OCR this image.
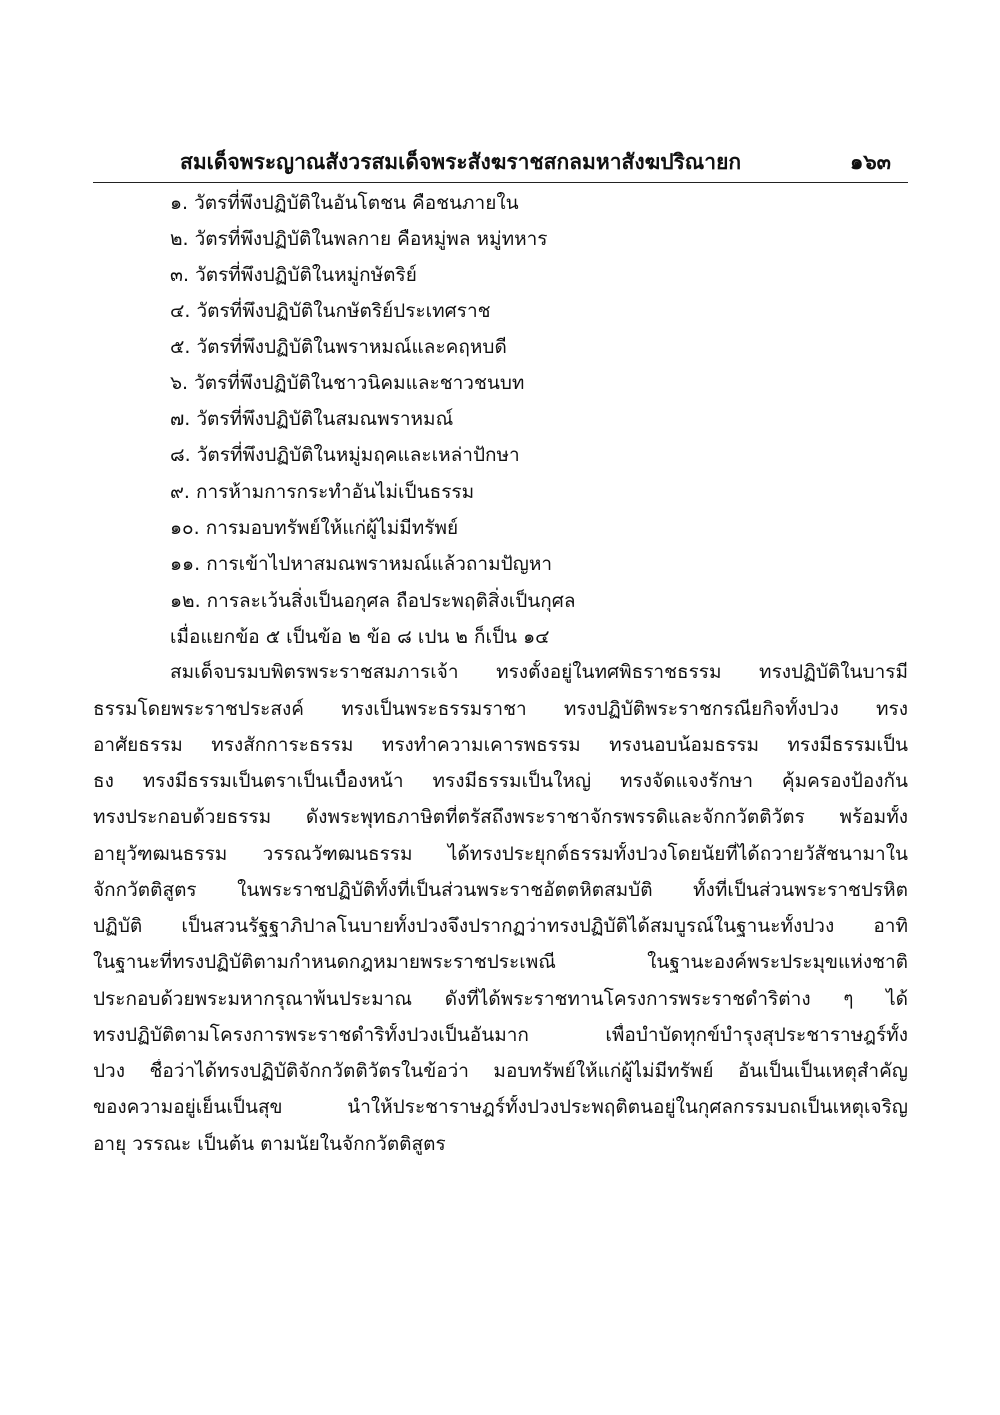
สมเด็จพระญาณสังวรสมเด็จพระสังฆราชสกลมหาสังฆปริณายก	๑๖๓
๑. วัตรที่พึงปฏิบัติในอันโตชน คือชนภายใน
๒. วัตรที่พึงปฏิบัติในพลกาย คือหมู่พล หมู่ทหาร
๓. วัตรที่พึงปฏิบัติในหมู่กษัตริย์
๔. วัตรที่พึงปฏิบัติในกษัตริย์ประเทศราช
๕. วัตรที่พึงปฏิบัติในพราหมณ์และคฤหบดี
๖. วัตรที่พึงปฏิบัติในชาวนิคมและชาวชนบท
๗. วัตรที่พึงปฏิบัติในสมณพราหมณ์
๘. วัตรที่พึงปฏิบัติในหมู่มฤคและเหล่าปักษา
๙. การห้ามการกระทำอันไม่เป็นธรรม
๑๐. การมอบทรัพย์ให้แก่ผู้ไม่มีทรัพย์
๑๑. การเข้าไปหาสมณพราหมณ์แล้วถามปัญหา
๑๒. การละเว้นสิ่งเป็นอกุศล ถือประพฤติสิ่งเป็นกุศล
เมื่อแยกข้อ ๕ เป็นข้อ ๒ ข้อ ๘ เปน ๒ ก็เป็น ๑๔
สมเด็จบรมบพิตรพระราชสมภารเจ้า ทรงตั้งอยู่ในทศพิธราชธรรม ทรงปฏิบัติในบารมี
ธรรมโดยพระราชประสงค์ ทรงเป็นพระธรรมราชา ทรงปฏิบัติพระราชกรณียกิจทั้งปวง ทรง
อาศัยธรรม ทรงสักการะธรรม ทรงทำความเคารพธรรม ทรงนอบน้อมธรรม ทรงมีธรรมเป็น
ธง ทรงมีธรรมเป็นตราเป็นเบื้องหน้า ทรงมีธรรมเป็นใหญ่ ทรงจัดแจงรักษา คุ้มครองป้องกัน
ทรงประกอบด้วยธรรม ดังพระพุทธภาษิตที่ตรัสถึงพระราชาจักรพรรดิและจักกวัตติวัตร พร้อมทั้ง
อายุวัฑฒนธรรม วรรณวัฑฒนธรรม ได้ทรงประยุกต์ธรรมทั้งปวงโดยนัยที่ได้ถวายวัสัชนามาใน
จักกวัตติสูตร ในพระราชปฏิบัติทั้งที่เป็นส่วนพระราชอัตตหิตสมบัติ ทั้งที่เป็นส่วนพระราชปรหิต
ปฏิบัติ เป็นสวนรัฐฐาภิปาลโนบายทั้งปวงจึงปรากฏว่าทรงปฏิบัติได้สมบูรณ์ในฐานะทั้งปวง อาทิ
ในฐานะที่ทรงปฏิบัติตามกำหนดกฎหมายพระราชประเพณี ในฐานะองค์พระประมุขแห่งชาติ
ประกอบด้วยพระมหากรุณาพ้นประมาณ ดังที่ได้พระราชทานโครงการพระราชดำริต่าง ๆ ได้
ทรงปฏิบัติตามโครงการพระราชดำริทั้งปวงเป็นอันมาก เพื่อบำบัดทุกข์บำรุงสุประชาราษฎร์ทั้ง
ปวง ชื่อว่าได้ทรงปฏิบัติจักกวัตติวัตรในข้อว่า มอบทรัพย์ให้แก่ผู้ไม่มีทรัพย์ อันเป็นเป็นเหตุสำคัญ
ของความอยู่เย็นเป็นสุข นำให้ประชาราษฎร์ทั้งปวงประพฤติตนอยู่ในกุศลกรรมบถเป็นเหตุเจริญ
อายุ วรรณะ เป็นต้น ตามนัยในจักกวัตติสูตร
